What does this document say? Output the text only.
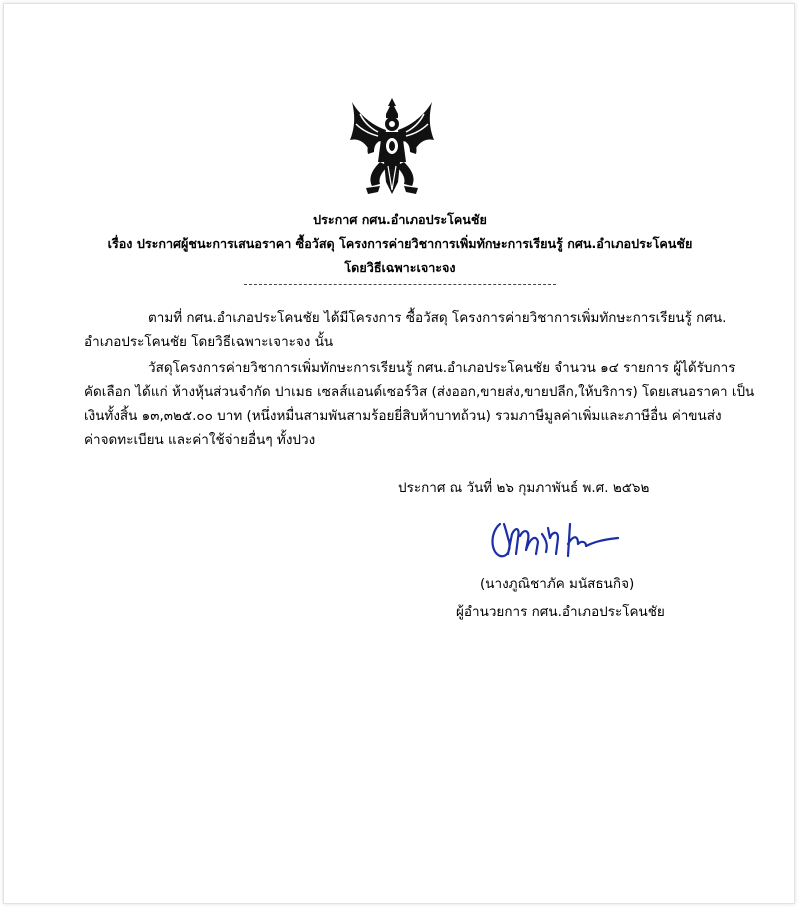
ประกาศ กศน.อำเภอประโคนชัย
เรื่อง ประกาศผู้ชนะการเสนอราคา ซื้อวัสดุ โครงการค่ายวิชาการเพิ่มทักษะการเรียนรู้ กศน.อำเภอประโคนชัย
โดยวิธีเฉพาะเจาะจง
ตามที่ กศน.อำเภอประโคนชัย ได้มีโครงการ ซื้อวัสดุ โครงการค่ายวิชาการเพิ่มทักษะการเรียนรู้ กศน.
อำเภอประโคนชัย โดยวิธีเฉพาะเจาะจง นั้น
วัสดุโครงการค่ายวิชาการเพิ่มทักษะการเรียนรู้ กศน.อำเภอประโคนชัย จำนวน ๑๔ รายการ ผู้ได้รับการ
คัดเลือก ได้แก่ ห้างหุ้นส่วนจำกัด ปาเมธ เซลส์แอนด์เซอร์วิส (ส่งออก,ขายส่ง,ขายปลีก,ให้บริการ) โดยเสนอราคา เป็น
เงินทั้งสิ้น ๑๓,๓๒๕.๐๐ บาท (หนึ่งหมื่นสามพันสามร้อยยี่สิบห้าบาทถ้วน) รวมภาษีมูลค่าเพิ่มและภาษีอื่น ค่าขนส่ง
ค่าจดทะเบียน และค่าใช้จ่ายอื่นๆ ทั้งปวง
ประกาศ ณ วันที่ ๒๖ กุมภาพันธ์ พ.ศ. ๒๕๖๒
(นางภูณิชาภัค มนัสธนกิจ)
ผู้อำนวยการ กศน.อำเภอประโคนชัย
